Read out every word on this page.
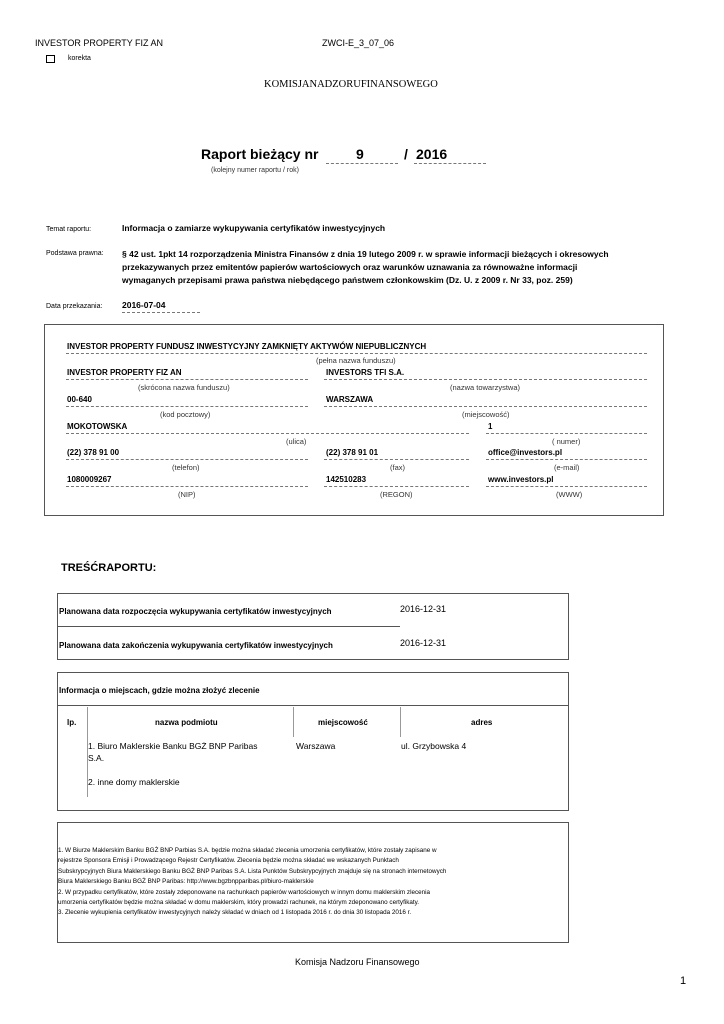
INVESTOR PROPERTY FIZ AN	ZWCI-E_3_07_06
korekta
KOMISJANADZORUFINANSOWEGO
Raport bieżący nr	9	/ 2016
(kolejny numer raportu / rok)
Temat raportu:	Informacja o zamiarze wykupywania certyfikatów inwestycyjnych
Podstawa prawna: § 42 ust. 1pkt 14 rozporządzenia Ministra Finansów z dnia 19 lutego 2009 r. w sprawie informacji bieżących i okresowych
przekazywanych przez emitentów papierów wartościowych oraz warunków uznawania za równoważne informacji
wymaganych przepisami prawa państwa niebędącego państwem członkowskim (Dz. U. z 2009 r. Nr 33, poz. 259)
Data przekazania: 2016-07-04
INVESTOR PROPERTY FUNDUSZ INWESTYCYJNY ZAMKNIĘTY AKTYWÓW NIEPUBLICZNYCH
(pełna nazwa funduszu)
INVESTOR PROPERTY FIZ AN	INVESTORS TFI S.A.
(skrócona nazwa funduszu)	(nazwa towarzystwa)
00-640	WARSZAWA
(kod pocztowy)	(miejscowość)
MOKOTOWSKA	1
(ulica)	( numer)
(22) 378 91 00	(22) 378 91 01	office@investors.pl
(telefon)	(fax)	(e-mail)
1080009267	142510283	www.investors.pl
(NIP)	(REGON)	(WWW)
TREŚĆRAPORTU:
Planowana data rozpoczęcia wykupywania certyfikatów inwestycyjnych	2016-12-31
Planowana data zakończenia wykupywania certyfikatów inwestycyjnych	2016-12-31
Informacja o miejscach, gdzie można złożyć zlecenie
lp.	nazwa podmiotu	miejscowość	adres
1. Biuro Maklerskie Banku BGŻ BNP Paribas
S.A.
Warszawa	ul. Grzybowska 4
2. inne domy maklerskie
1. W Biurze Maklerskim Banku BGŻ BNP Parbias S.A. będzie można składać zlecenia umorzenia certyfikatów, które zostały zapisane w
rejestrze Sponsora Emisji i Prowadzącego Rejestr Certyfikatów. Zlecenia będzie można składać we wskazanych Punktach
Subskrypcyjnych Biura Maklerskiego Banku BGŻ BNP Paribas S.A. Lista Punktów Subskrypcyjnych znajduje się na stronach internetowych
Biura Maklerskiego Banku BGŻ BNP Paribas: http://www.bgzbnpparibas.pl/biuro-maklerskie
2. W przypadku certyfikatów, które zostały zdeponowane na rachunkach papierów wartościowych w innym domu maklerskim zlecenia
umorzenia certyfikatów będzie można składać w domu maklerskim, który prowadzi rachunek, na którym zdeponowano certyfikaty.
3. Zlecenie wykupienia certyfikatów inwestycyjnych należy składać w dniach od 1 listopada 2016 r. do dnia 30 listopada 2016 r.
Komisja Nadzoru Finansowego
1
